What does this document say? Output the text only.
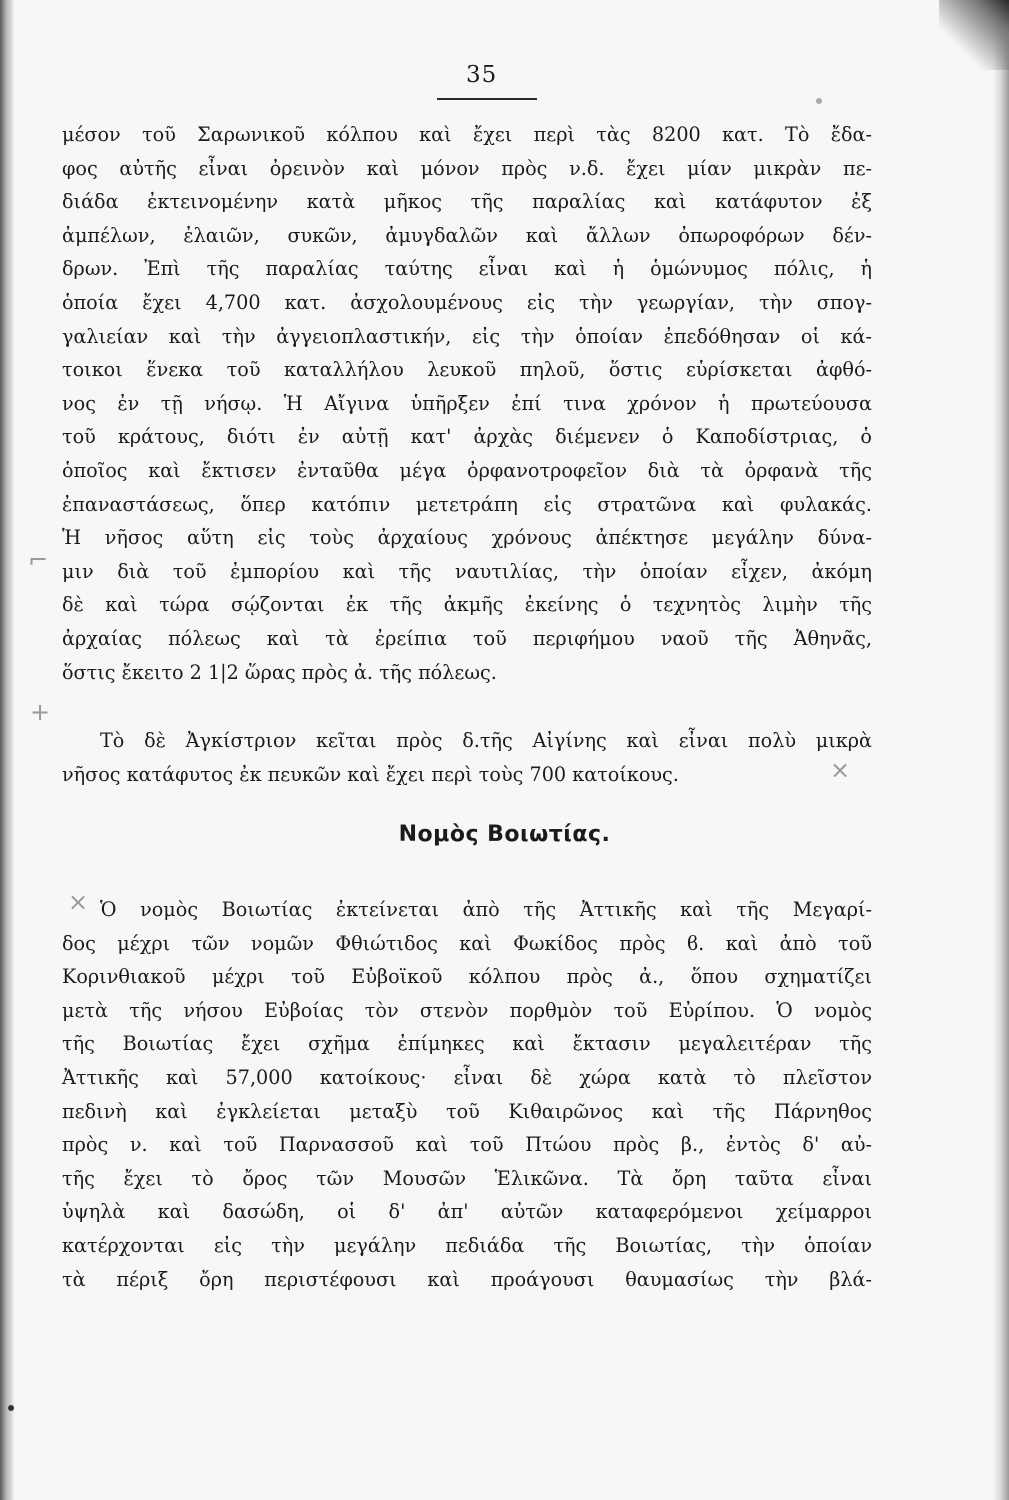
35
μέσον τοῦ Σαρωνικοῦ κόλπου καὶ ἔχει περὶ τὰς 8200 κατ. Τὸ ἔδα-
φος αὐτῆς εἶναι ὀρεινὸν καὶ μόνον πρὸς ν.δ. ἔχει μίαν μικρὰν πε-
διάδα ἐκτεινομένην κατὰ μῆκος τῆς παραλίας καὶ κατάφυτον ἐξ
ἀμπέλων, ἐλαιῶν, συκῶν, ἀμυγδαλῶν καὶ ἄλλων ὀπωροφόρων δέν-
δρων. Ἐπὶ τῆς παραλίας ταύτης εἶναι καὶ ἡ ὁμώνυμος πόλις, ἡ
ὁποία ἔχει 4,700 κατ. ἀσχολουμένους εἰς τὴν γεωργίαν, τὴν σπογ-
γαλιείαν καὶ τὴν ἀγγειοπλαστικήν, εἰς τὴν ὁποίαν ἐπεδόθησαν οἱ κά-
τοικοι ἕνεκα τοῦ καταλλήλου λευκοῦ πηλοῦ, ὅστις εὑρίσκεται ἀφθό-
νος ἐν τῇ νήσῳ. Ἡ Αἴγινα ὑπῆρξεν ἐπί τινα χρόνον ἡ πρωτεύουσα
τοῦ κράτους, διότι ἐν αὐτῇ κατ' ἀρχὰς διέμενεν ὁ Καποδίστριας, ὁ
ὁποῖος καὶ ἔκτισεν ἐνταῦθα μέγα ὀρφανοτροφεῖον διὰ τὰ ὀρφανὰ τῆς
ἐπαναστάσεως, ὅπερ κατόπιν μετετράπη εἰς στρατῶνα καὶ φυλακάς.
Ἡ νῆσος αὕτη εἰς τοὺς ἀρχαίους χρόνους ἀπέκτησε μεγάλην δύνα-
μιν διὰ τοῦ ἐμπορίου καὶ τῆς ναυτιλίας, τὴν ὁποίαν εἶχεν, ἀκόμη
δὲ καὶ τώρα σῴζονται ἐκ τῆς ἀκμῆς ἐκείνης ὁ τεχνητὸς λιμὴν τῆς
ἀρχαίας πόλεως καὶ τὰ ἐρείπια τοῦ περιφήμου ναοῦ τῆς Ἀθηνᾶς,
ὅστις ἔκειτο 2 1|2 ὥρας πρὸς ἀ. τῆς πόλεως.
Τὸ δὲ Ἀγκίστριον κεῖται πρὸς δ.τῆς Αἰγίνης καὶ εἶναι πολὺ μικρὰ
νῆσος κατάφυτος ἐκ πευκῶν καὶ ἔχει περὶ τοὺς 700 κατοίκους.
Νομὸς Βοιωτίας.
Ὁ νομὸς Βοιωτίας ἐκτείνεται ἀπὸ τῆς Ἀττικῆς καὶ τῆς Μεγαρί-
δος μέχρι τῶν νομῶν Φθιώτιδος καὶ Φωκίδος πρὸς ϐ. καὶ ἀπὸ τοῦ
Κορινθιακοῦ μέχρι τοῦ Εὐβοϊκοῦ κόλπου πρὸς ἀ., ὅπου σχηματίζει
μετὰ τῆς νήσου Εὐβοίας τὸν στενὸν πορθμὸν τοῦ Εὐρίπου. Ὁ νομὸς
τῆς Βοιωτίας ἔχει σχῆμα ἐπίμηκες καὶ ἔκτασιν μεγαλειτέραν τῆς
Ἀττικῆς καὶ 57,000 κατοίκους· εἶναι δὲ χώρα κατὰ τὸ πλεῖστον
πεδινὴ καὶ ἐγκλείεται μεταξὺ τοῦ Κιθαιρῶνος καὶ τῆς Πάρνηθος
πρὸς ν. καὶ τοῦ Παρνασσοῦ καὶ τοῦ Πτώου πρὸς β., ἐντὸς δ' αὐ-
τῆς ἔχει τὸ ὄρος τῶν Μουσῶν Ἑλικῶνα. Τὰ ὄρη ταῦτα εἶναι
ὑψηλὰ καὶ δασώδη, οἱ δ' ἀπ' αὐτῶν καταφερόμενοι χείμαρροι
κατέρχονται εἰς τὴν μεγάλην πεδιάδα τῆς Βοιωτίας, τὴν ὁποίαν
τὰ πέριξ ὄρη περιστέφουσι καὶ προάγουσι θαυμασίως τὴν βλά-
⌐
+
×
×
